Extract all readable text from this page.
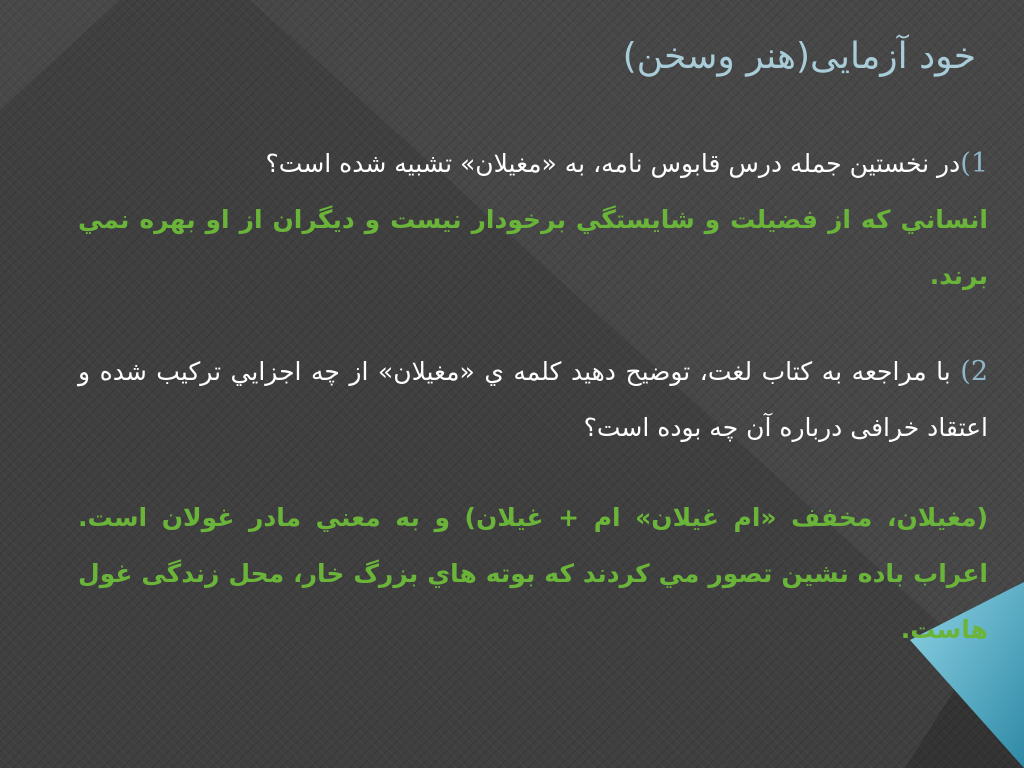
خود آزمايی(هنر وسخن)

1)در نخستين جمله درس قابوس نامه، به «مغيلان» تشبيه شده است؟

انساني كه از فضيلت و شايستگي برخودار نيست و ديگران از او بهره نمي برند.

2) با مراجعه به كتاب لغت، توضيح دهيد كلمه ي «مغيلان» از چه اجزايي تركيب شده و اعتقاد خرافی درباره آن چه بوده است؟

(مغيلان، مخفف «ام غيلان» ام + غيلان) و به معني مادر غولان است. اعراب باده نشين تصور مي كردند كه بوته هاي بزرگ خار، محل زندگی غول هاست.
